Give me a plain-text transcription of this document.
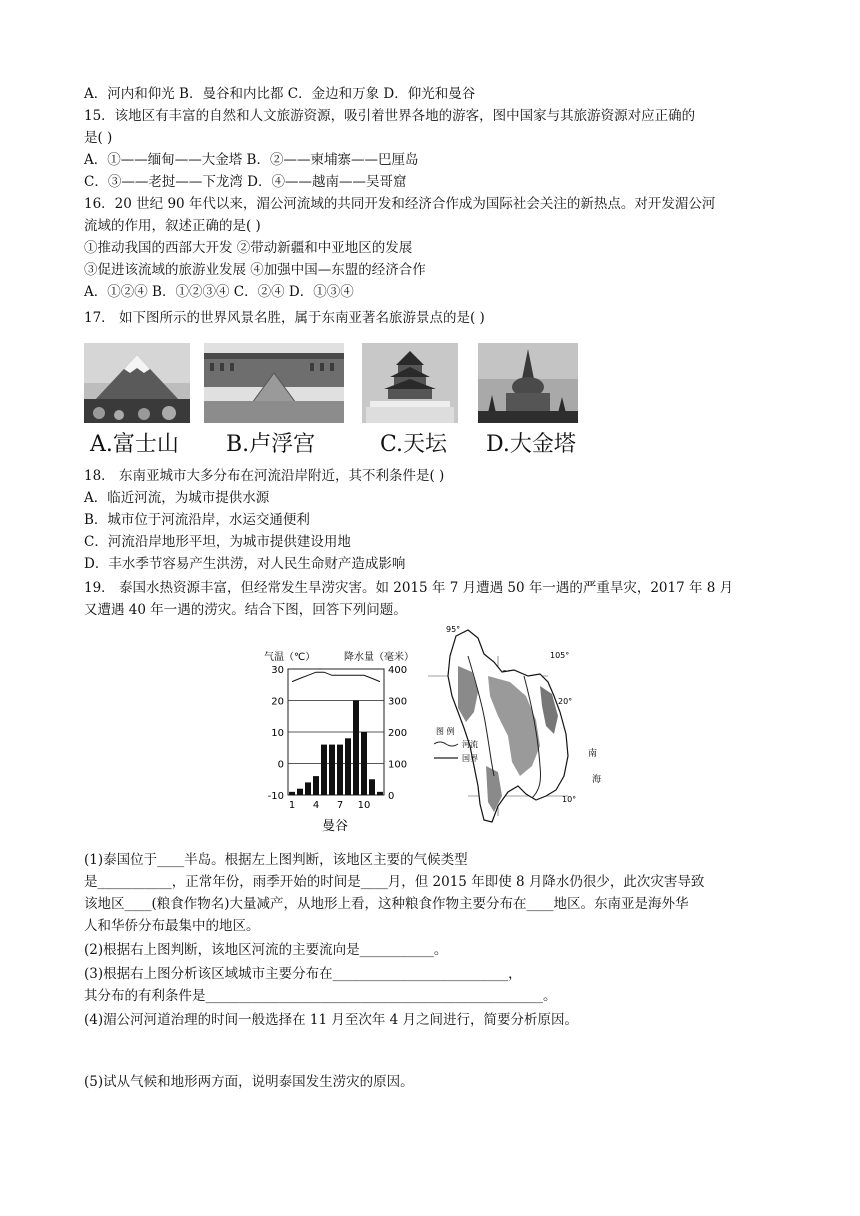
A．河内和仰光 B．曼谷和内比都 C．金边和万象 D．仰光和曼谷
15．该地区有丰富的自然和人文旅游资源，吸引着世界各地的游客，图中国家与其旅游资源对应正确的
是( )
A．①——缅甸——大金塔 B．②——柬埔寨——巴厘岛
C．③——老挝——下龙湾 D．④——越南——吴哥窟
16．20 世纪 90 年代以来，湄公河流域的共同开发和经济合作成为国际社会关注的新热点。对开发湄公河
流域的作用，叙述正确的是( )
①推动我国的西部大开发 ②带动新疆和中亚地区的发展
③促进该流域的旅游业发展 ④加强中国—东盟的经济合作
A．①②④ B．①②③④ C．②④ D．①③④
17． 如下图所示的世界风景名胜，属于东南亚著名旅游景点的是( )
A.富士山 B.卢浮宫	C.天坛 D.大金塔
18． 东南亚城市大多分布在河流沿岸附近，其不利条件是( )
A．临近河流，为城市提供水源
B．城市位于河流沿岸，水运交通便利
C．河流沿岸地形平坦，为城市提供建设用地
D．丰水季节容易产生洪涝，对人民生命财产造成影响
19． 泰国水热资源丰富，但经常发生旱涝灾害。如 2015 年 7 月遭遇 50 年一遇的严重旱灾，2017 年 8 月
又遭遇 40 年一遇的涝灾。结合下图，回答下列问题。
气温（℃）	降水量（毫米）
30	400
20	300
10	200
0	100
-10	0
1 4 7 10
曼谷
95°
105°
20°
10°
图 例
河流
国界	南
海
(1)泰国位于____半岛。根据左上图判断，该地区主要的气候类型
是___________，正常年份，雨季开始的时间是____月，但 2015 年即使 8 月降水仍很少，此次灾害导致
该地区____(粮食作物名)大量减产，从地形上看，这种粮食作物主要分布在____地区。东南亚是海外华
人和华侨分布最集中的地区。
(2)根据右上图判断，该地区河流的主要流向是___________。
(3)根据右上图分析该区域城市主要分布在__________________________，
其分布的有利条件是__________________________________________________。
(4)湄公河河道治理的时间一般选择在 11 月至次年 4 月之间进行，简要分析原因。
(5)试从气候和地形两方面，说明泰国发生涝灾的原因。
